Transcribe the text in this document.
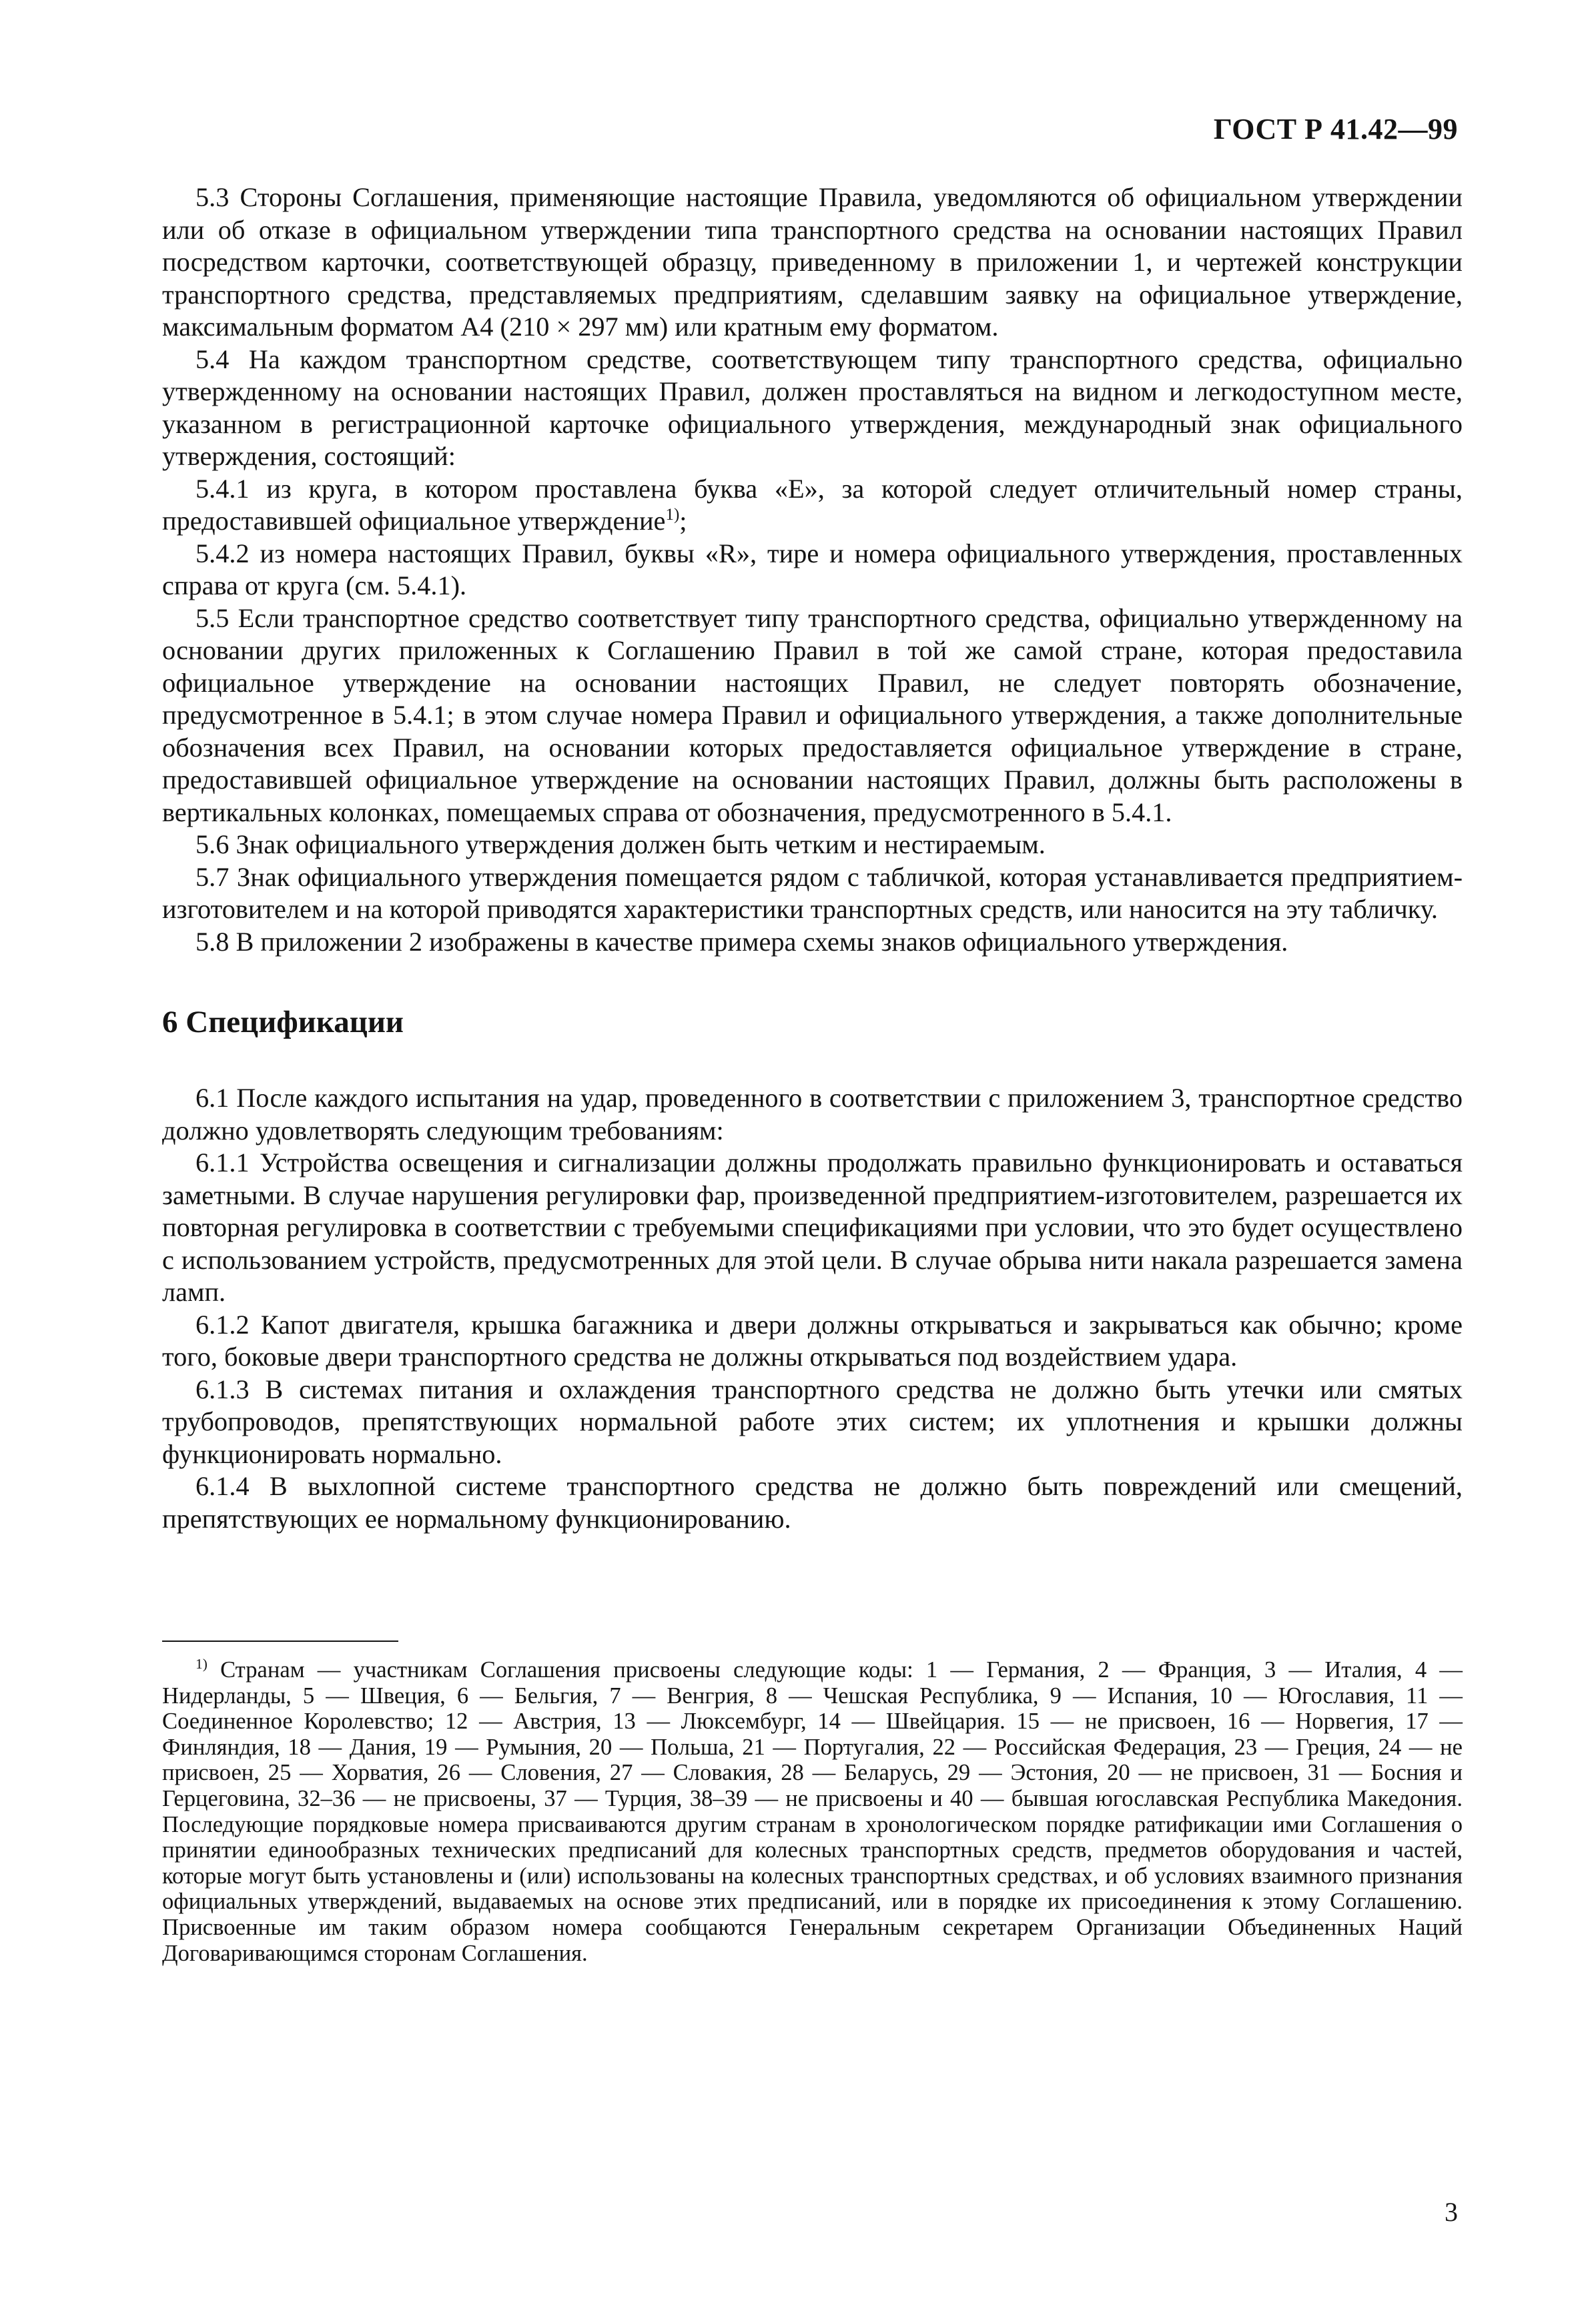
ГОСТ Р 41.42—99

5.3 Стороны Соглашения, применяющие настоящие Правила, уведомляются об официальном утверждении или об отказе в официальном утверждении типа транспортного средства на основании настоящих Правил посредством карточки, соответствующей образцу, приведенному в приложении 1, и чертежей конструкции транспортного средства, представляемых предприятиям, сделавшим заявку на официальное утверждение, максимальным форматом А4 (210 × 297 мм) или кратным ему форматом.

5.4 На каждом транспортном средстве, соответствующем типу транспортного средства, официально утвержденному на основании настоящих Правил, должен проставляться на видном и легкодоступном месте, указанном в регистрационной карточке официального утверждения, международный знак официального утверждения, состоящий:

5.4.1 из круга, в котором проставлена буква «Е», за которой следует отличительный номер страны, предоставившей официальное утверждение$^{1)}$;

5.4.2 из номера настоящих Правил, буквы «R», тире и номера официального утверждения, проставленных справа от круга (см. 5.4.1).

5.5 Если транспортное средство соответствует типу транспортного средства, официально утвержденному на основании других приложенных к Соглашению Правил в той же самой стране, которая предоставила официальное утверждение на основании настоящих Правил, не следует повторять обозначение, предусмотренное в 5.4.1; в этом случае номера Правил и официального утверждения, а также дополнительные обозначения всех Правил, на основании которых предоставляется официальное утверждение в стране, предоставившей официальное утверждение на основании настоящих Правил, должны быть расположены в вертикальных колонках, помещаемых справа от обозначения, предусмотренного в 5.4.1.

5.6 Знак официального утверждения должен быть четким и нестираемым.

5.7 Знак официального утверждения помещается рядом с табличкой, которая устанавливается предприятием-изготовителем и на которой приводятся характеристики транспортных средств, или наносится на эту табличку.

5.8 В приложении 2 изображены в качестве примера схемы знаков официального утверждения.

6 Спецификации

6.1 После каждого испытания на удар, проведенного в соответствии с приложением 3, транспортное средство должно удовлетворять следующим требованиям:

6.1.1 Устройства освещения и сигнализации должны продолжать правильно функционировать и оставаться заметными. В случае нарушения регулировки фар, произведенной предприятием-изготовителем, разрешается их повторная регулировка в соответствии с требуемыми спецификациями при условии, что это будет осуществлено с использованием устройств, предусмотренных для этой цели. В случае обрыва нити накала разрешается замена ламп.

6.1.2 Капот двигателя, крышка багажника и двери должны открываться и закрываться как обычно; кроме того, боковые двери транспортного средства не должны открываться под воздействием удара.

6.1.3 В системах питания и охлаждения транспортного средства не должно быть утечки или смятых трубопроводов, препятствующих нормальной работе этих систем; их уплотнения и крышки должны функционировать нормально.

6.1.4 В выхлопной системе транспортного средства не должно быть повреждений или смещений, препятствующих ее нормальному функционированию.

$^{1)}$ Странам — участникам Соглашения присвоены следующие коды: 1 — Германия, 2 — Франция, 3 — Италия, 4 — Нидерланды, 5 — Швеция, 6 — Бельгия, 7 — Венгрия, 8 — Чешская Республика, 9 — Испания, 10 — Югославия, 11 — Соединенное Королевство; 12 — Австрия, 13 — Люксембург, 14 — Швейцария. 15 — не присвоен, 16 — Норвегия, 17 — Финляндия, 18 — Дания, 19 — Румыния, 20 — Польша, 21 — Португалия, 22 — Российская Федерация, 23 — Греция, 24 — не присвоен, 25 — Хорватия, 26 — Словения, 27 — Словакия, 28 — Беларусь, 29 — Эстония, 20 — не присвоен, 31 — Босния и Герцеговина, 32–36 — не присвоены, 37 — Турция, 38–39 — не присвоены и 40 — бывшая югославская Республика Македония. Последующие порядковые номера присваиваются другим странам в хронологическом порядке ратификации ими Соглашения о принятии единообразных технических предписаний для колесных транспортных средств, предметов оборудования и частей, которые могут быть установлены и (или) использованы на колесных транспортных средствах, и об условиях взаимного признания официальных утверждений, выдаваемых на основе этих предписаний, или в порядке их присоединения к этому Соглашению. Присвоенные им таким образом номера сообщаются Генеральным секретарем Организации Объединенных Наций Договаривающимся сторонам Соглашения.

3
